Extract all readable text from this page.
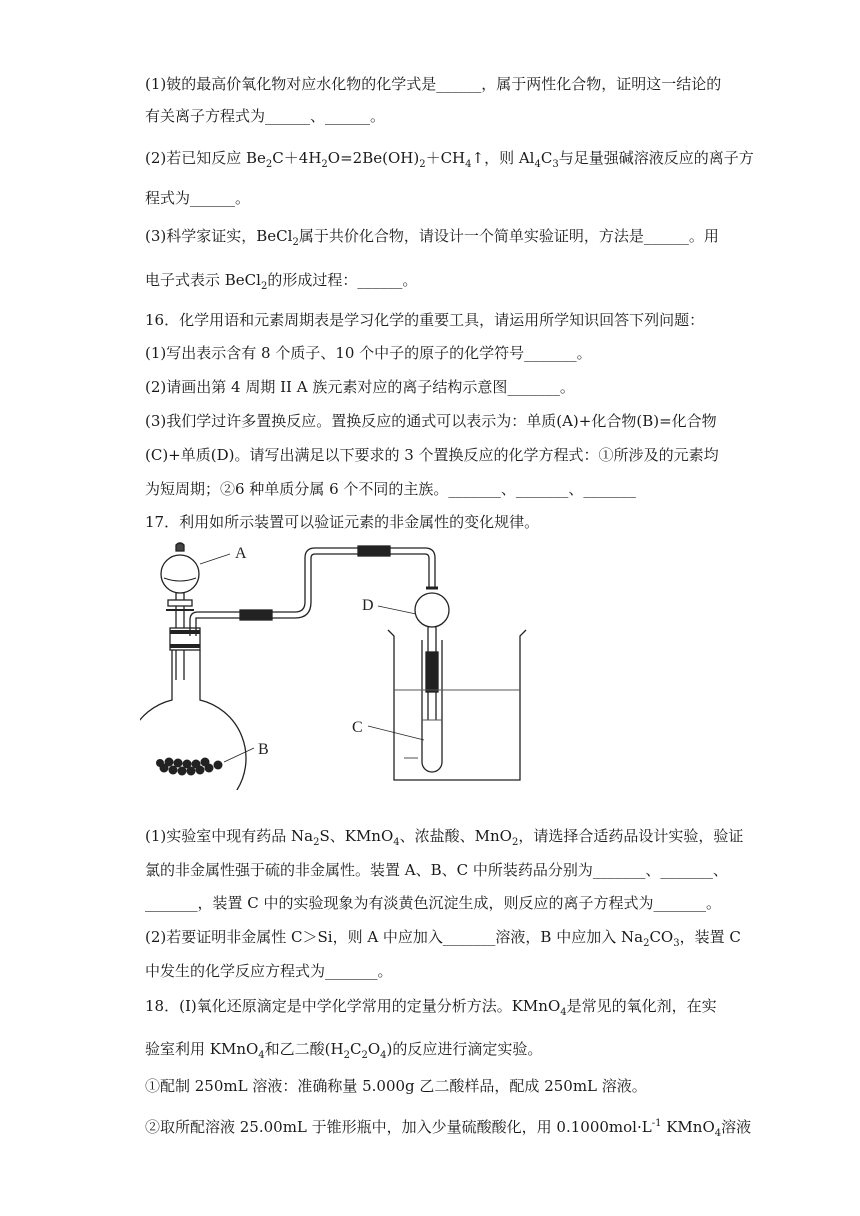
(1)铍的最高价氧化物对应水化物的化学式是______，属于两性化合物，证明这一结论的
有关离子方程式为______、______。
(2)若已知反应 $Be_2C+4H_2O=2Be(OH)_2+CH_4↑$，则 $Al_4C_3$与足量强碱溶液反应的离子方
程式为______。
(3)科学家证实，BeCl$_2$属于共价化合物，请设计一个简单实验证明，方法是______。用
电子式表示 BeCl$_2$的形成过程：______。
16．化学用语和元素周期表是学习化学的重要工具，请运用所学知识回答下列问题：
(1)写出表示含有 8 个质子、10 个中子的原子的化学符号_______。
(2)请画出第 4 周期 II A 族元素对应的离子结构示意图_______。
(3)我们学过许多置换反应。置换反应的通式可以表示为：单质(A)+化合物(B)=化合物
(C)+单质(D)。请写出满足以下要求的 3 个置换反应的化学方程式：①所涉及的元素均
为短周期；②6 种单质分属 6 个不同的主族。_______、_______、_______
17．利用如所示装置可以验证元素的非金属性的变化规律。
A
B
C
D
(1)实验室中现有药品 $Na_2S$、KMnO$_4$、浓盐酸、MnO$_2$，请选择合适药品设计实验，验证
氯的非金属性强于硫的非金属性。装置 A、B、C 中所装药品分别为_______、_______、
_______，装置 C 中的实验现象为有淡黄色沉淀生成，则反应的离子方程式为_______。
(2)若要证明非金属性 C＞Si，则 A 中应加入_______溶液，B 中应加入 $Na_2CO_3$，装置 C
中发生的化学反应方程式为_______。
18．(I)氧化还原滴定是中学化学常用的定量分析方法。KMnO$_4$是常见的氧化剂，在实
验室利用 KMnO$_4$和乙二酸$(H_2C_2O_4)$的反应进行滴定实验。
①配制 250mL 溶液：准确称量 5.000g 乙二酸样品，配成 250mL 溶液。
②取所配溶液 25.00mL 于锥形瓶中，加入少量硫酸酸化，用 $0.1000mol\cdot L^{-1}$ KMnO$_4$溶液
